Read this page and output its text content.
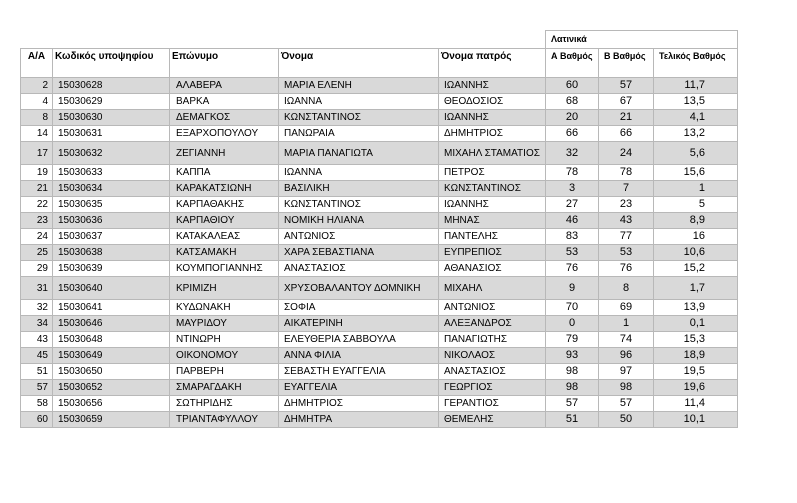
					Λατινικά		
Α/Α	Κωδικός υποψηφίου	Επώνυμο	Όνομα	Όνομα πατρός	Α Βαθμός	Β Βαθμός	Τελικός Βαθμός
2	15030628	ΑΛΑΒΕΡΑ	ΜΑΡΙΑ ΕΛΕΝΗ	ΙΩΑΝΝΗΣ	60	57	11,7
4	15030629	ΒΑΡΚΑ	ΙΩΑΝΝΑ	ΘΕΟΔΟΣΙΟΣ	68	67	13,5
8	15030630	ΔΕΜΑΓΚΟΣ	ΚΩΝΣΤΑΝΤΙΝΟΣ	ΙΩΑΝΝΗΣ	20	21	4,1
14	15030631	ΕΞΑΡΧΟΠΟΥΛΟΥ	ΠΑΝΩΡΑΙΑ	ΔΗΜΗΤΡΙΟΣ	66	66	13,2
17	15030632	ΖΕΓΙΑΝΝΗ	ΜΑΡΙΑ ΠΑΝΑΓΙΩΤΑ	ΜΙΧΑΗΛ ΣΤΑΜΑΤΙΟΣ	32	24	5,6
19	15030633	ΚΑΠΠΑ	ΙΩΑΝΝΑ	ΠΕΤΡΟΣ	78	78	15,6
21	15030634	ΚΑΡΑΚΑΤΣΙΩΝΗ	ΒΑΣΙΛΙΚΗ	ΚΩΝΣΤΑΝΤΙΝΟΣ	3	7	1
22	15030635	ΚΑΡΠΑΘΑΚΗΣ	ΚΩΝΣΤΑΝΤΙΝΟΣ	ΙΩΑΝΝΗΣ	27	23	5
23	15030636	ΚΑΡΠΑΘΙΟΥ	ΝΟΜΙΚΗ ΗΛΙΑΝΑ	ΜΗΝΑΣ	46	43	8,9
24	15030637	ΚΑΤΑΚΑΛΕΑΣ	ΑΝΤΩΝΙΟΣ	ΠΑΝΤΕΛΗΣ	83	77	16
25	15030638	ΚΑΤΣΑΜΑΚΗ	ΧΑΡΑ ΣΕΒΑΣΤΙΑΝΑ	ΕΥΠΡΕΠΙΟΣ	53	53	10,6
29	15030639	ΚΟΥΜΠΟΓΙΑΝΝΗΣ	ΑΝΑΣΤΑΣΙΟΣ	ΑΘΑΝΑΣΙΟΣ	76	76	15,2
31	15030640	ΚΡΙΜΙΖΗ	ΧΡΥΣΟΒΑΛΑΝΤΟΥ ΔΟΜΝΙΚΗ	ΜΙΧΑΗΛ	9	8	1,7
32	15030641	ΚΥΔΩΝΑΚΗ	ΣΟΦΙΑ	ΑΝΤΩΝΙΟΣ	70	69	13,9
34	15030646	ΜΑΥΡΙΔΟΥ	ΑΙΚΑΤΕΡΙΝΗ	ΑΛΕΞΑΝΔΡΟΣ	0	1	0,1
43	15030648	ΝΤΙΝΩΡΗ	ΕΛΕΥΘΕΡΙΑ ΣΑΒΒΟΥΛΑ	ΠΑΝΑΓΙΩΤΗΣ	79	74	15,3
45	15030649	ΟΙΚΟΝΟΜΟΥ	ΑΝΝΑ ΦΙΛΙΑ	ΝΙΚΟΛΑΟΣ	93	96	18,9
51	15030650	ΠΑΡΒΕΡΗ	ΣΕΒΑΣΤΗ ΕΥΑΓΓΕΛΙΑ	ΑΝΑΣΤΑΣΙΟΣ	98	97	19,5
57	15030652	ΣΜΑΡΑΓΔΑΚΗ	ΕΥΑΓΓΕΛΙΑ	ΓΕΩΡΓΙΟΣ	98	98	19,6
58	15030656	ΣΩΤΗΡΙΔΗΣ	ΔΗΜΗΤΡΙΟΣ	ΓΕΡΑΝΤΙΟΣ	57	57	11,4
60	15030659	ΤΡΙΑΝΤΑΦΥΛΛΟΥ	ΔΗΜΗΤΡΑ	ΘΕΜΕΛΗΣ	51	50	10,1
